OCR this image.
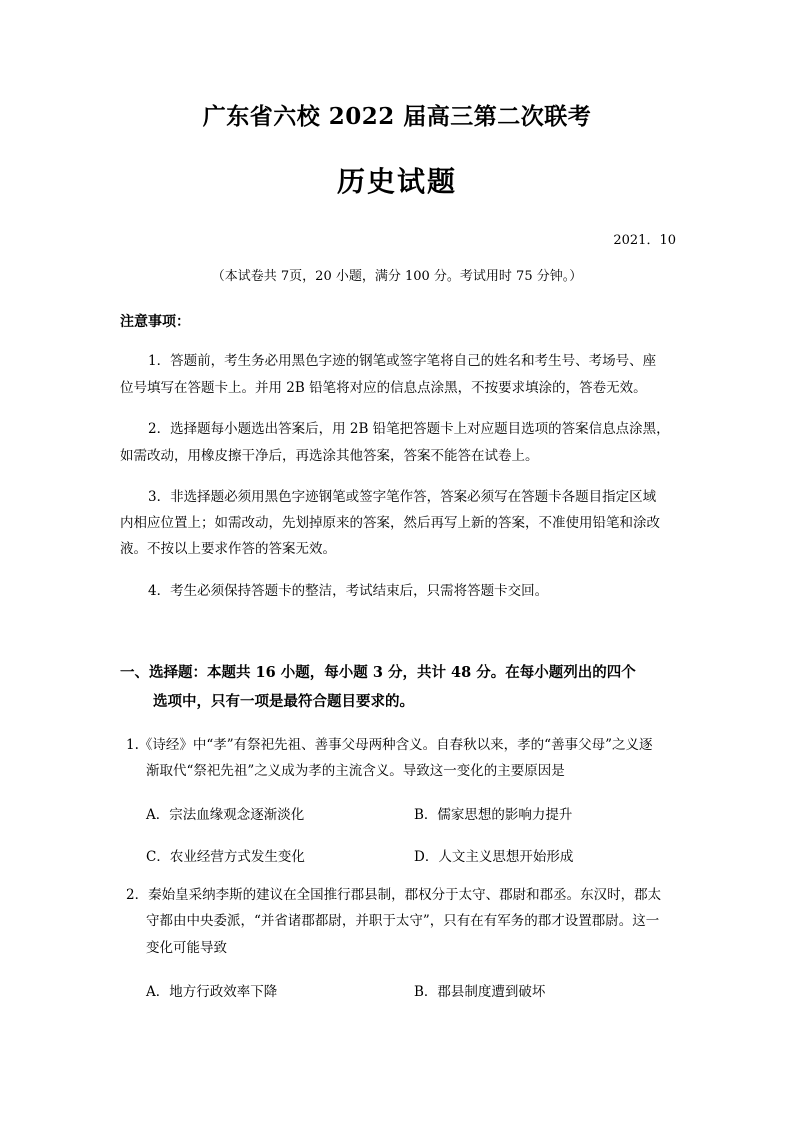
广东省六校 2022 届高三第二次联考
历史试题
2021．10
（本试卷共 7页，20 小题，满分 100 分。考试用时 75 分钟。）
注意事项：
1．答题前，考生务必用黑色字迹的钢笔或签字笔将自己的姓名和考生号、考场号、座
位号填写在答题卡上。并用 2B 铅笔将对应的信息点涂黑，不按要求填涂的，答卷无效。
2．选择题每小题选出答案后，用 2B 铅笔把答题卡上对应题目选项的答案信息点涂黑，
如需改动，用橡皮擦干净后，再选涂其他答案，答案不能答在试卷上。
3．非选择题必须用黑色字迹钢笔或签字笔作答，答案必须写在答题卡各题目指定区域
内相应位置上；如需改动，先划掉原来的答案，然后再写上新的答案，不准使用铅笔和涂改
液。不按以上要求作答的答案无效。
4．考生必须保持答题卡的整洁，考试结束后，只需将答题卡交回。
一、选择题：本题共 16 小题，每小题 3 分，共计 48 分。在每小题列出的四个
选项中，只有一项是最符合题目要求的。
1.《诗经》中“孝”有祭祀先祖、善事父母两种含义。自春秋以来，孝的“善事父母”之义逐
渐取代“祭祀先祖”之义成为孝的主流含义。导致这一变化的主要原因是
A．宗法血缘观念逐渐淡化	B．儒家思想的影响力提升
C．农业经营方式发生变化	D．人文主义思想开始形成
2．秦始皇采纳李斯的建议在全国推行郡县制，郡权分于太守、郡尉和郡丞。东汉时，郡太
守都由中央委派，“并省诸郡都尉，并职于太守”，只有在有军务的郡才设置郡尉。这一
变化可能导致
A．地方行政效率下降	B．郡县制度遭到破坏
